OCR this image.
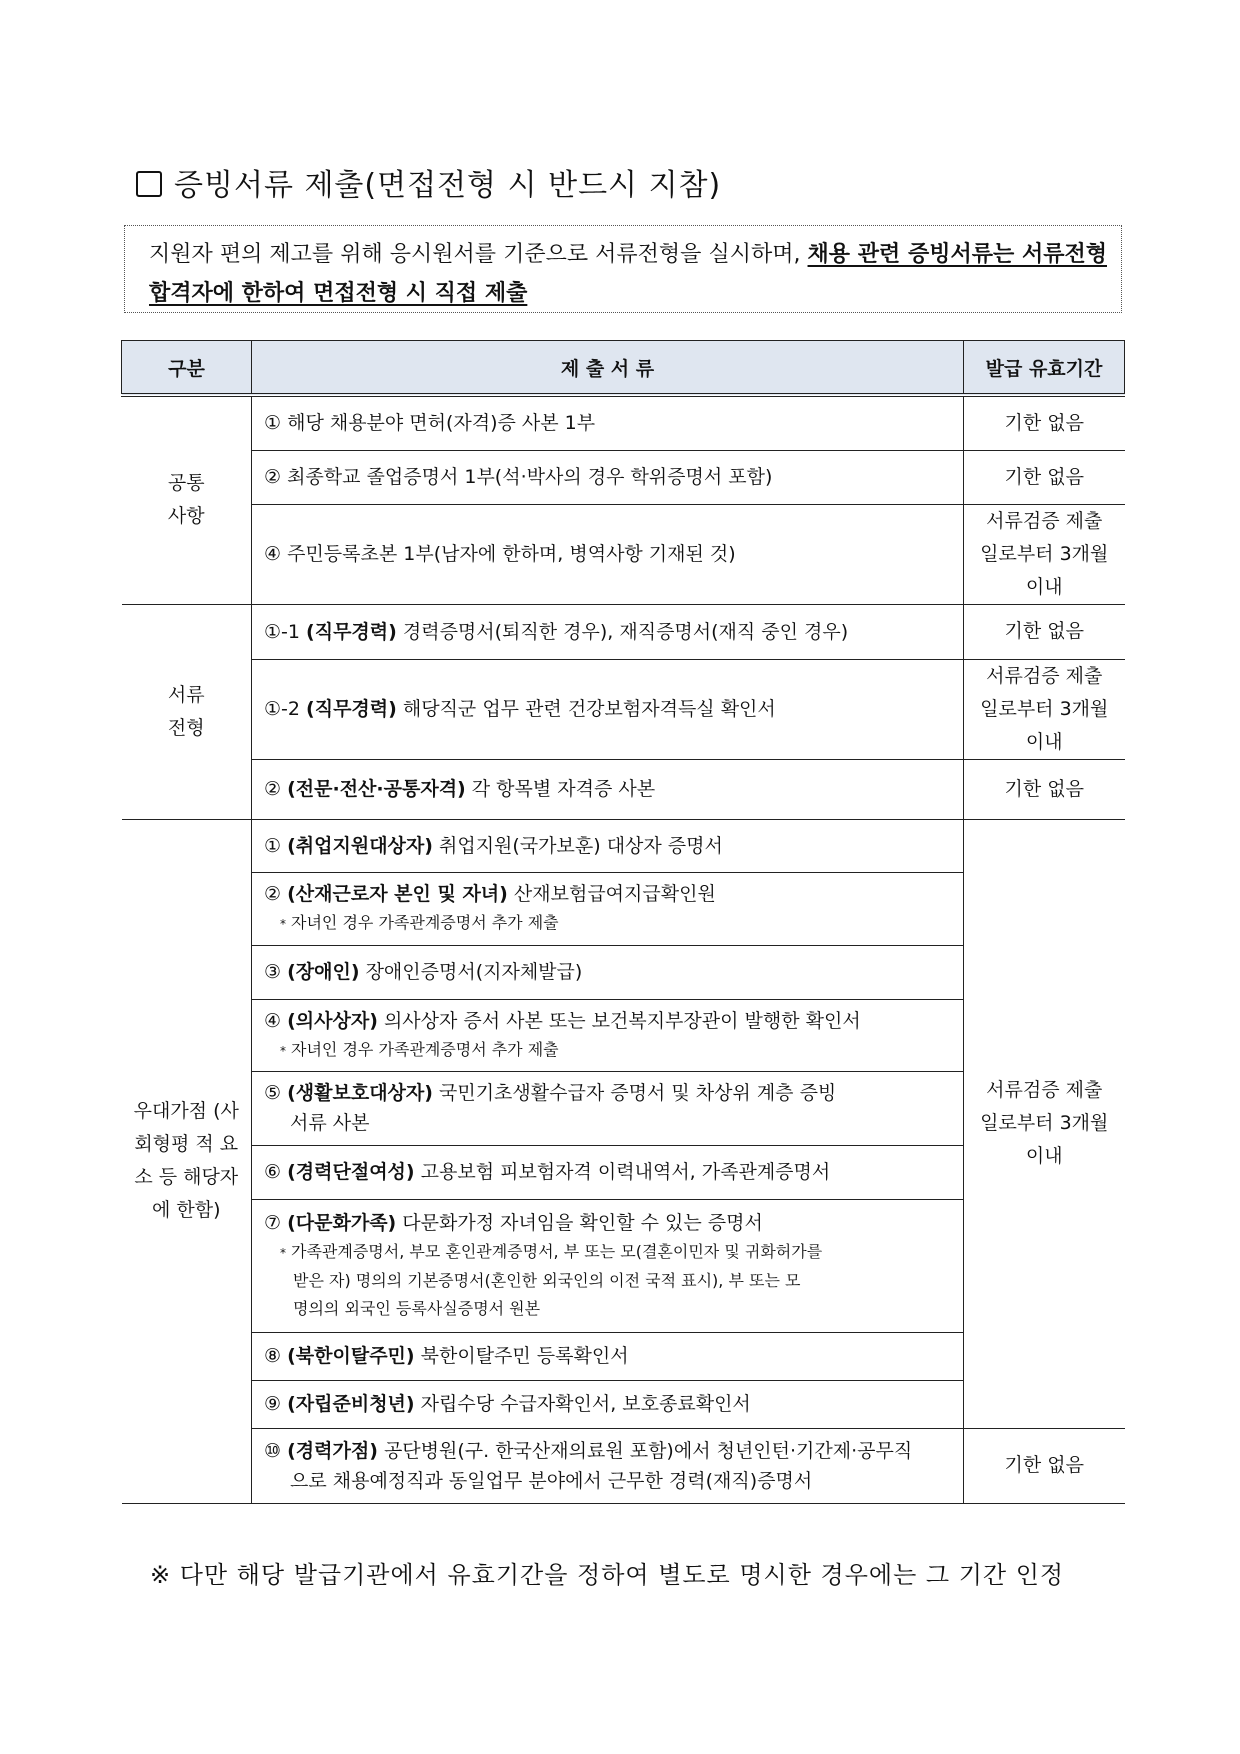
증빙서류 제출(면접전형 시 반드시 지참)
지원자 편의 제고를 위해 응시원서를 기준으로 서류전형을 실시하며, 채용 관련 증빙서류는 서류전형 합격자에 한하여 면접전형 시 직접 제출
구분	제 출 서 류	발급 유효기간
공통 사항	① 해당 채용분야 면허(자격)증 사본 1부	기한 없음
	② 최종학교 졸업증명서 1부(석·박사의 경우 학위증명서 포함)	기한 없음
	④ 주민등록초본 1부(남자에 한하며, 병역사항 기재된 것)	서류검증 제출일로부터 3개월 이내
서류 전형	①-1 (직무경력) 경력증명서(퇴직한 경우), 재직증명서(재직 중인 경우)	기한 없음
	①-2 (직무경력) 해당직군 업무 관련 건강보험자격득실 확인서	서류검증 제출일로부터 3개월 이내
	② (전문·전산·공통자격) 각 항목별 자격증 사본	기한 없음
우대가점 (사회형평 적 요소 등 해당자에 한함)	① (취업지원대상자) 취업지원(국가보훈) 대상자 증명서	서류검증 제출일로부터 3개월 이내
	② (산재근로자 본인 및 자녀) 산재보험급여지급확인원
* 자녀인 경우 가족관계증명서 추가 제출	

	③ (장애인) 장애인증명서(지자체발급)	
	④ (의사상자) 의사상자 증서 사본 또는 보건복지부장관이 발행한 확인서
* 자녀인 경우 가족관계증명서 추가 제출	

	⑤ (생활보호대상자) 국민기초생활수급자 증명서 및 차상위 계층 증빙
서류 사본	

	⑥ (경력단절여성) 고용보험 피보험자격 이력내역서, 가족관계증명서	
	⑦ (다문화가족) 다문화가정 자녀임을 확인할 수 있는 증명서
* 가족관계증명서, 부모 혼인관계증명서, 부 또는 모(결혼이민자 및 귀화허가를
받은 자) 명의의 기본증명서(혼인한 외국인의 이전 국적 표시), 부 또는 모
명의의 외국인 등록사실증명서 원본	

	⑧ (북한이탈주민) 북한이탈주민 등록확인서	
	⑨ (자립준비청년) 자립수당 수급자확인서, 보호종료확인서	
	⑩ (경력가점) 공단병원(구. 한국산재의료원 포함)에서 청년인턴·기간제·공무직
으로 채용예정직과 동일업무 분야에서 근무한 경력(재직)증명서	기한 없음
※ 다만 해당 발급기관에서 유효기간을 정하여 별도로 명시한 경우에는 그 기간 인정
